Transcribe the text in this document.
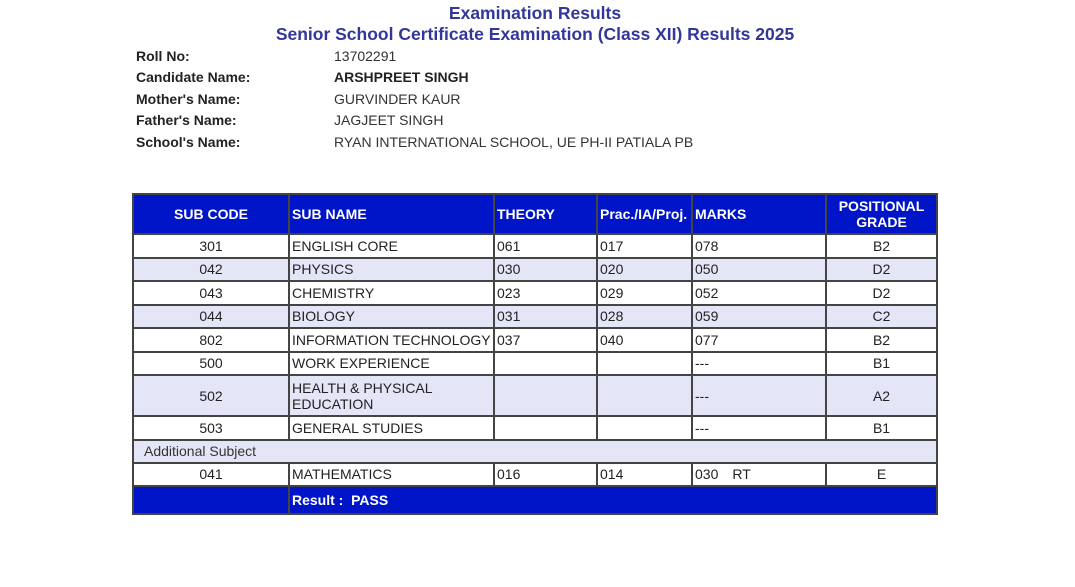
Examination Results
Senior School Certificate Examination (Class XII) Results 2025
Roll No:	13702291
Candidate Name:	ARSHPREET SINGH
Mother's Name:	GURVINDER KAUR
Father's Name:	JAGJEET SINGH
School's Name:	RYAN INTERNATIONAL SCHOOL, UE PH-II PATIALA PB
SUB CODE	SUB NAME	THEORY	Prac./IA/Proj.	MARKS	POSITIONAL
GRADE
301	ENGLISH CORE	061	017	078	B2
042	PHYSICS	030	020	050	D2
043	CHEMISTRY	023	029	052	D2
044	BIOLOGY	031	028	059	C2
802	INFORMATION TECHNOLOGY	037	040	077	B2
500	WORK EXPERIENCE			---	B1
502	HEALTH & PHYSICAL EDUCATION			---	A2
503	GENERAL STUDIES			---	B1
Additional Subject					
041	MATHEMATICS	016	014	030 RT	E
	Result : PASS				
